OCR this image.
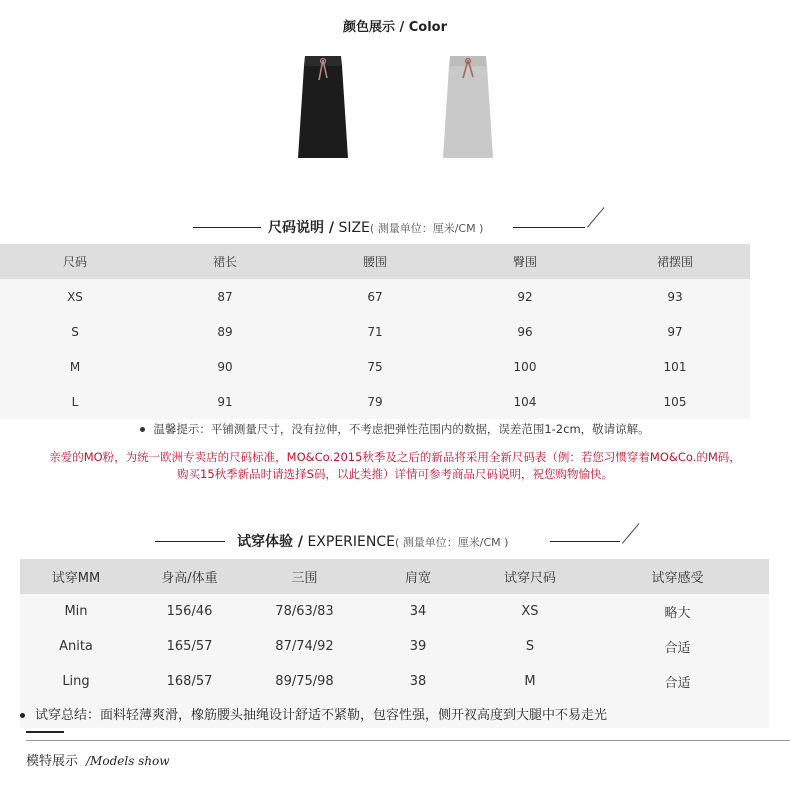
颜色展示 / Color
尺码说明 / SIZE( 测量单位：厘米/CM )
尺码	裙长	腰围	臀围	裙摆围
XS	87	67	92	93
S	89	71	96	97
M	90	75	100	101
L	91	79	104	105
温馨提示：平铺测量尺寸，没有拉伸，不考虑把弹性范围内的数据，误差范围1-2cm，敬请谅解。
亲爱的MO粉，为统一欧洲专卖店的尺码标准，MO&Co.2015秋季及之后的新品将采用全新尺码表（例：若您习惯穿着MO&Co.的M码，
购买15秋季新品时请选择S码，以此类推）详情可参考商品尺码说明，祝您购物愉快。
试穿体验 / EXPERIENCE( 测量单位：厘米/CM )
试穿MM	身高/体重	三围	肩宽	试穿尺码	试穿感受
Min	156/46	78/63/83	34	XS	略大
Anita	165/57	87/74/92	39	S	合适
Ling	168/57	89/75/98	38	M	合适
试穿总结：面料轻薄爽滑，橡筋腰头抽绳设计舒适不紧勒，包容性强，侧开衩高度到大腿中不易走光
模特展示 /Models show
